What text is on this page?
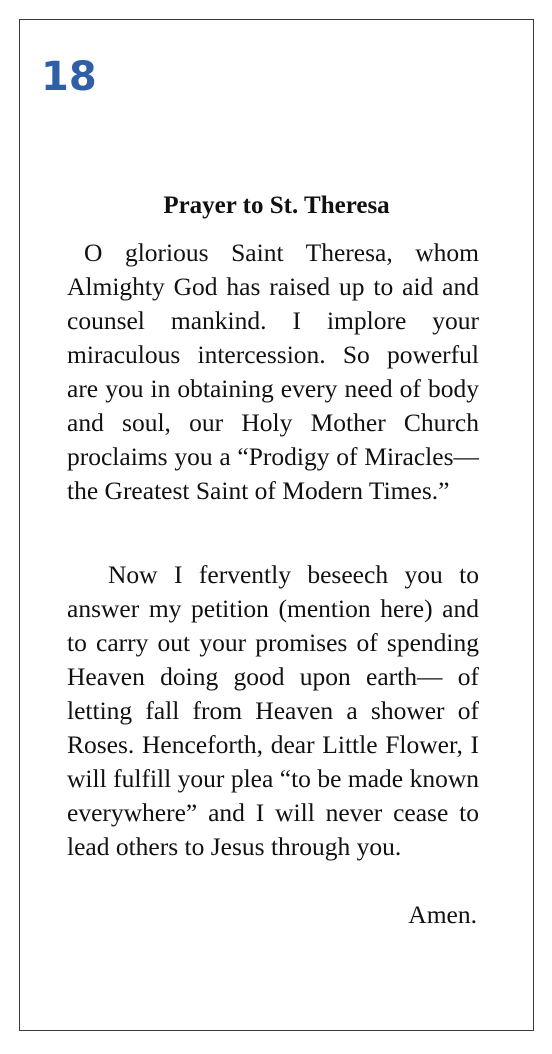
18
Prayer to St. Theresa

O glorious Saint Theresa, whom Almighty God has raised up to aid and counsel mankind. I implore your miraculous intercession. So powerful are you in obtaining every need of body and soul, our Holy Mother Church proclaims you a “Prodigy of Miracles—the Greatest Saint of Modern Times.”

Now I fervently beseech you to answer my petition (mention here) and to carry out your promises of spending Heaven doing good upon earth— of letting fall from Heaven a shower of Roses. Henceforth, dear Little Flower, I will fulfill your plea “to be made known everywhere” and I will never cease to lead others to Jesus through you.

Amen.
